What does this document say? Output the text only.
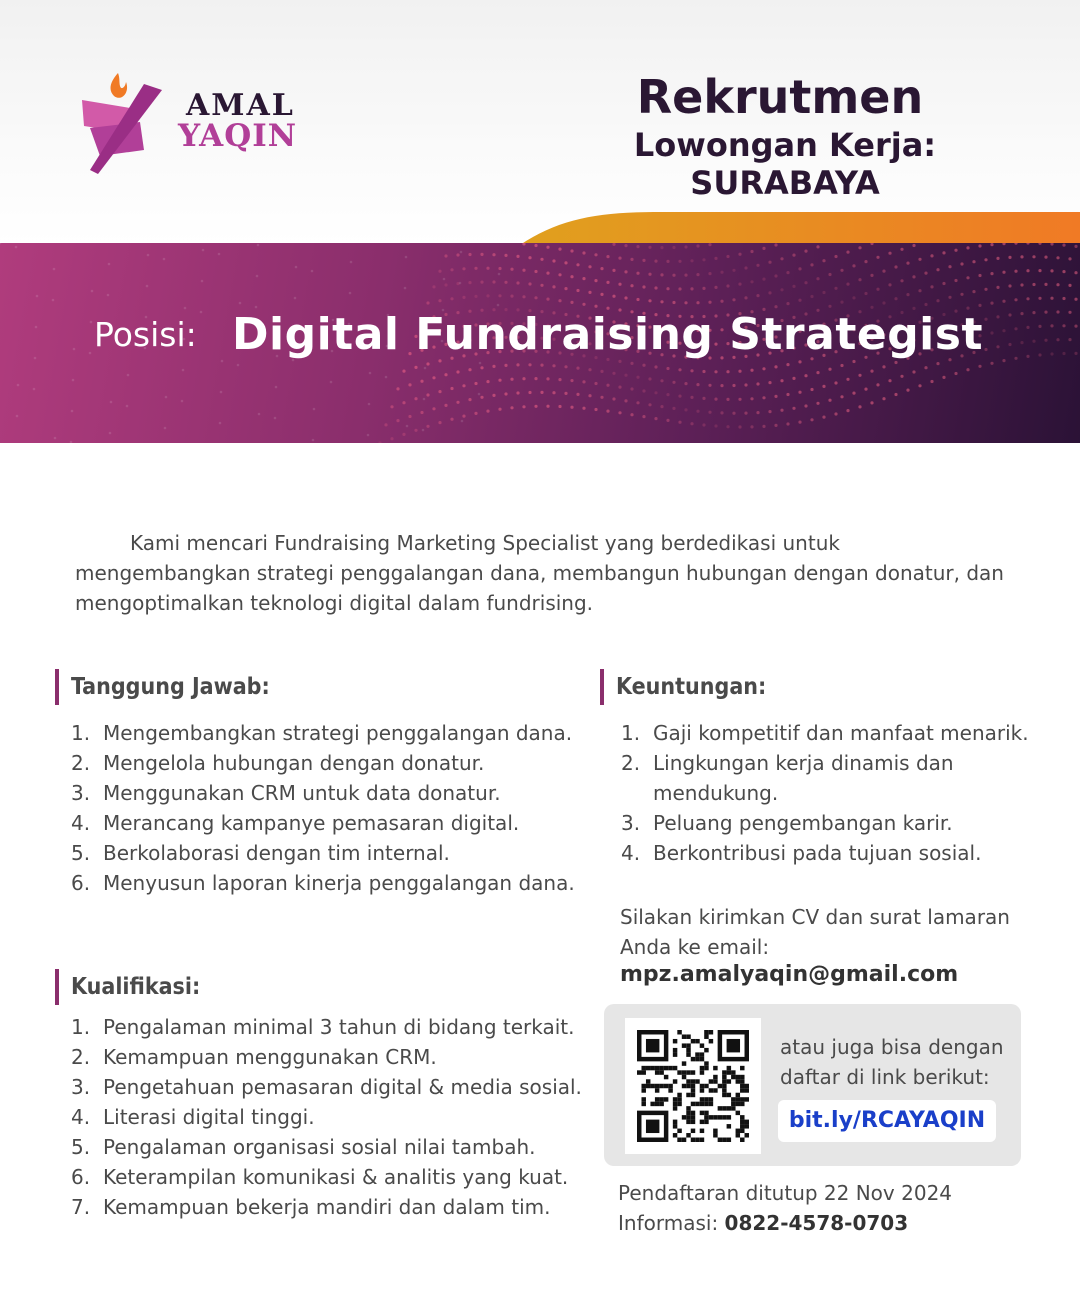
AMAL

YAQIN

Rekrutmen
Lowongan Kerja: SURABAYA

Posisi: Digital Fundraising Strategist

Kami mencari Fundraising Marketing Specialist yang berdedikasi untuk mengembangkan strategi penggalangan dana, membangun hubungan dengan donatur, dan mengoptimalkan teknologi digital dalam fundrising.

Tanggung Jawab:
1. Mengembangkan strategi penggalangan dana.
2. Mengelola hubungan dengan donatur.
3. Menggunakan CRM untuk data donatur.
4. Merancang kampanye pemasaran digital.
5. Berkolaborasi dengan tim internal.
6. Menyusun laporan kinerja penggalangan dana.
Kualifikasi:
1. Pengalaman minimal 3 tahun di bidang terkait.
2. Kemampuan menggunakan CRM.
3. Pengetahuan pemasaran digital & media sosial.
4. Literasi digital tinggi.
5. Pengalaman organisasi sosial nilai tambah.
6. Keterampilan komunikasi & analitis yang kuat.
7. Kemampuan bekerja mandiri dan dalam tim.
Keuntungan:
1. Gaji kompetitif dan manfaat menarik.
2. Lingkungan kerja dinamis dan mendukung.
3. Peluang pengembangan karir.
4. Berkontribusi pada tujuan sosial.

Silakan kirimkan CV dan surat lamaran Anda ke email:

mpz.amalyaqin@gmail.com

atau juga bisa dengan daftar di link berikut:

bit.ly/RCAYAQIN

Pendaftaran ditutup 22 Nov 2024

Informasi: 0822-4578-0703
